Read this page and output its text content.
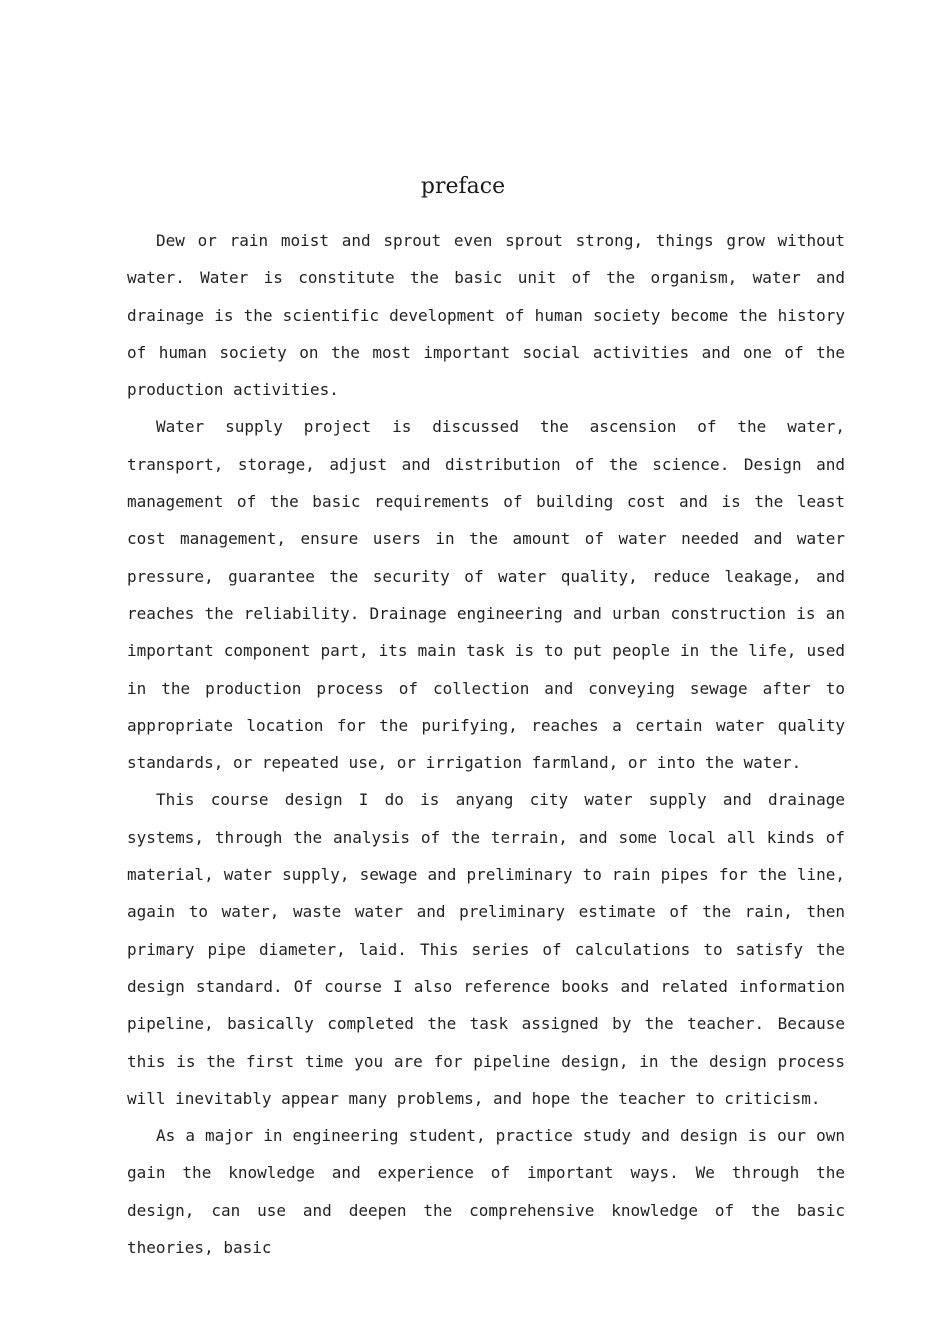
preface

Dew or rain moist and sprout even sprout strong, things grow without water. Water is constitute the basic unit of the organism, water and drainage is the scientific development of human society become the history of human society on the most important social activities and one of the production activities.

Water supply project is discussed the ascension of the water, transport, storage, adjust and distribution of the science. Design and management of the basic requirements of building cost and is the least cost management, ensure users in the amount of water needed and water pressure, guarantee the security of water quality, reduce leakage, and reaches the reliability. Drainage engineering and urban construction is an important component part, its main task is to put people in the life, used in the production process of collection and conveying sewage after to appropriate location for the purifying, reaches a certain water quality standards, or repeated use, or irrigation farmland, or into the water.

This course design I do is anyang city water supply and drainage systems, through the analysis of the terrain, and some local all kinds of material, water supply, sewage and preliminary to rain pipes for the line, again to water, waste water and preliminary estimate of the rain, then primary pipe diameter, laid. This series of calculations to satisfy the design standard. Of course I also reference books and related information pipeline, basically completed the task assigned by the teacher. Because this is the first time you are for pipeline design, in the design process will inevitably appear many problems, and hope the teacher to criticism.

As a major in engineering student, practice study and design is our own gain the knowledge and experience of important ways. We through the design, can use and deepen the comprehensive knowledge of the basic theories, basic
